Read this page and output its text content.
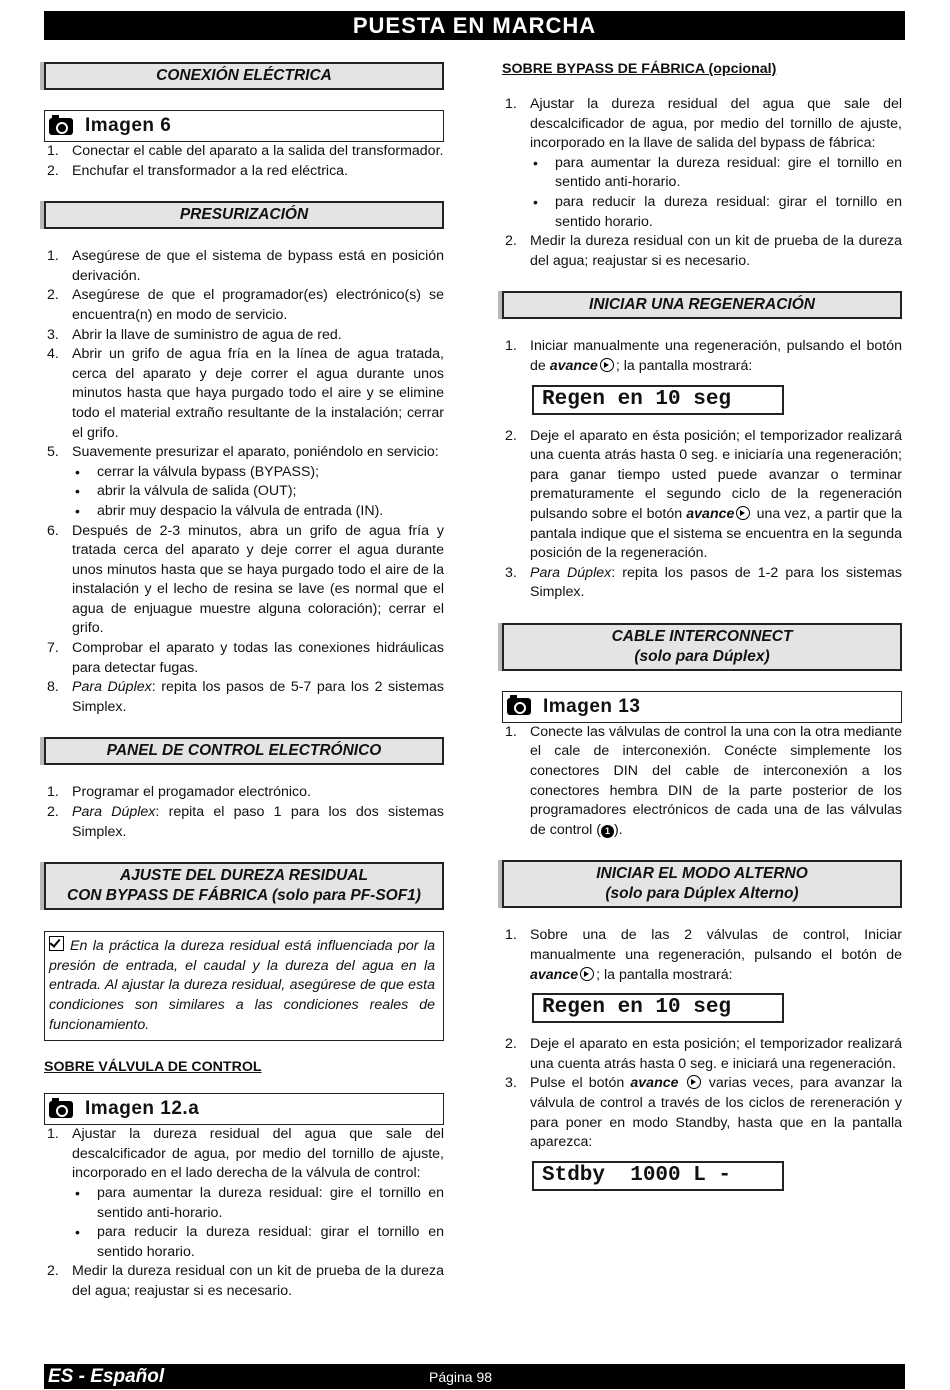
PUESTA EN MARCHA
CONEXIÓN ELÉCTRICA
Imagen 6
1. Conectar el cable del aparato a la salida del transformador.
2. Enchufar el transformador a la red eléctrica.
PRESURIZACIÓN
1. Asegúrese de que el sistema de bypass está en posición derivación.
2. Asegúrese de que el programador(es) electrónico(s) se encuentra(n) en modo de servicio.
3. Abrir la llave de suministro de agua de red.
4. Abrir un grifo de agua fría en la línea de agua tratada, cerca del aparato y deje correr el agua durante unos minutos hasta que haya purgado todo el aire y se elimine todo el material extraño resultante de la instalación; cerrar el grifo.
5. Suavemente presurizar el aparato, poniéndolo en servicio:
• cerrar la válvula bypass (BYPASS);
• abrir la válvula de salida (OUT);
• abrir muy despacio la válvula de entrada (IN).
6. Después de 2-3 minutos, abra un grifo de agua fría y tratada cerca del aparato y deje correr el agua durante unos minutos hasta que se haya purgado todo el aire de la instalación y el lecho de resina se lave (es normal que el agua de enjuague muestre alguna coloración); cerrar el grifo.
7. Comprobar el aparato y todas las conexiones hidráulicas para detectar fugas.
8. Para Dúplex: repita los pasos de 5-7 para los 2 sistemas Simplex.
PANEL DE CONTROL ELECTRÓNICO
1. Programar el progamador electrónico.
2. Para Dúplex: repita el paso 1 para los dos sistemas Simplex.
AJUSTE DEL DUREZA RESIDUAL
CON BYPASS DE FÁBRICA (solo para PF-SOF1)
En la práctica la dureza residual está influenciada por la presión de entrada, el caudal y la dureza del agua en la entrada. Al ajustar la dureza residual, asegúrese de que esta condiciones son similares a las condiciones reales de funcionamiento.
SOBRE VÁLVULA DE CONTROL
Imagen 12.a
1. Ajustar la dureza residual del agua que sale del descalcificador de agua, por medio del tornillo de ajuste, incorporado en el lado derecha de la válvula de control:
• para aumentar la dureza residual: gire el tornillo en sentido anti-horario.
• para reducir la dureza residual: girar el tornillo en sentido horario.
2. Medir la dureza residual con un kit de prueba de la dureza del agua; reajustar si es necesario.
SOBRE BYPASS DE FÁBRICA (opcional)
1. Ajustar la dureza residual del agua que sale del descalcificador de agua, por medio del tornillo de ajuste, incorporado en la llave de salida del bypass de fábrica:
• para aumentar la dureza residual: gire el tornillo en sentido anti-horario.
• para reducir la dureza residual: girar el tornillo en sentido horario.
2. Medir la dureza residual con un kit de prueba de la dureza del agua; reajustar si es necesario.
INICIAR UNA REGENERACIÓN
1. Iniciar manualmente una regeneración, pulsando el botón de avance ; la pantalla mostrará:
Regen en 10 seg
2. Deje el aparato en ésta posición; el temporizador realizará una cuenta atrás hasta 0 seg. e iniciaría una regeneración; para ganar tiempo usted puede avanzar o terminar prematuramente el segundo ciclo de la regeneración pulsando sobre el botón avance una vez, a partir que la pantala indique que el sistema se encuentra en la segunda posición de la regeneración.
3. Para Dúplex: repita los pasos de 1-2 para los sistemas Simplex.
CABLE INTERCONNECT
(solo para Dúplex)
Imagen 13
1. Conecte las válvulas de control la una con la otra mediante el cale de interconexión. Conécte simplemente los conectores DIN del cable de interconexión a los conectores hembra DIN de la parte posterior de los programadores electrónicos de cada una de las válvulas de control ( 1 ).
INICIAR EL MODO ALTERNO
(solo para Dúplex Alterno)
1. Sobre una de las 2 válvulas de control, Iniciar manualmente una regeneración, pulsando el botón de avance ; la pantalla mostrará:
Regen en 10 seg
2. Deje el aparato en esta posición; el temporizador realizará una cuenta atrás hasta 0 seg. e iniciará una regeneración.
3. Pulse el botón avance varias veces, para avanzar la válvula de control a través de los ciclos de rereneración y para poner en modo Standby, hasta que en la pantalla aparezca:
Stdby  1000 L -
ES - Español	Página 98
